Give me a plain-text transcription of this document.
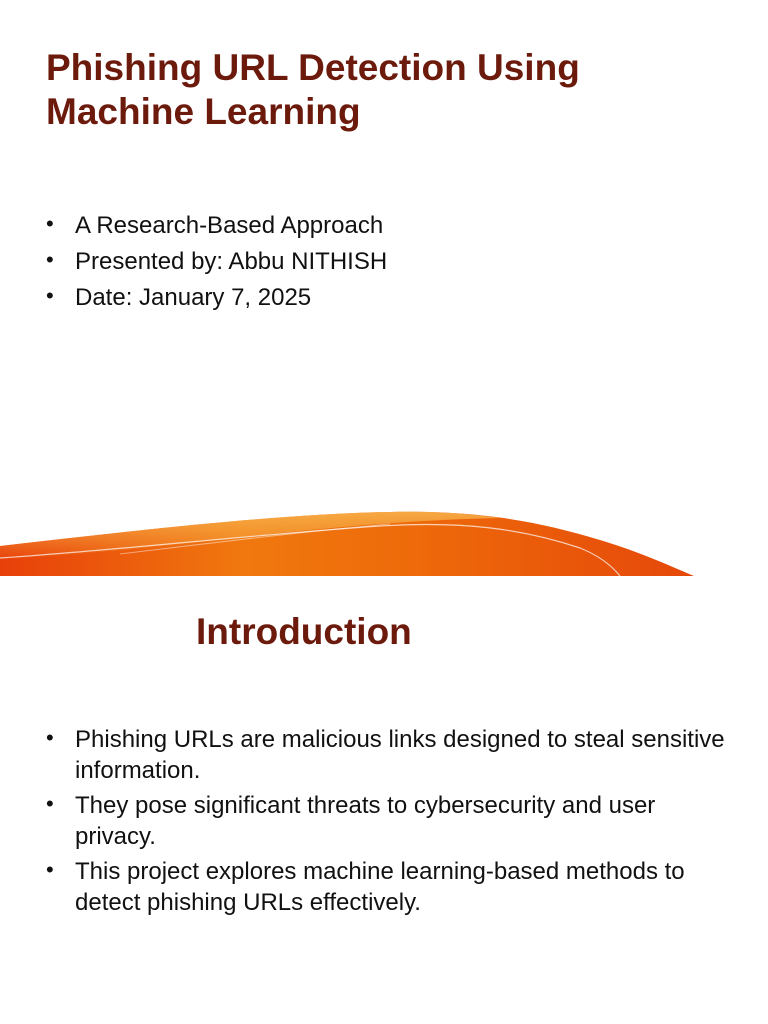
Phishing URL Detection Using Machine Learning
• A Research-Based Approach
• Presented by: Abbu NITHISH
• Date: January 7, 2025
Introduction
• Phishing URLs are malicious links designed to steal sensitive information.
• They pose significant threats to cybersecurity and user privacy.
• This project explores machine learning-based methods to detect phishing URLs effectively.
